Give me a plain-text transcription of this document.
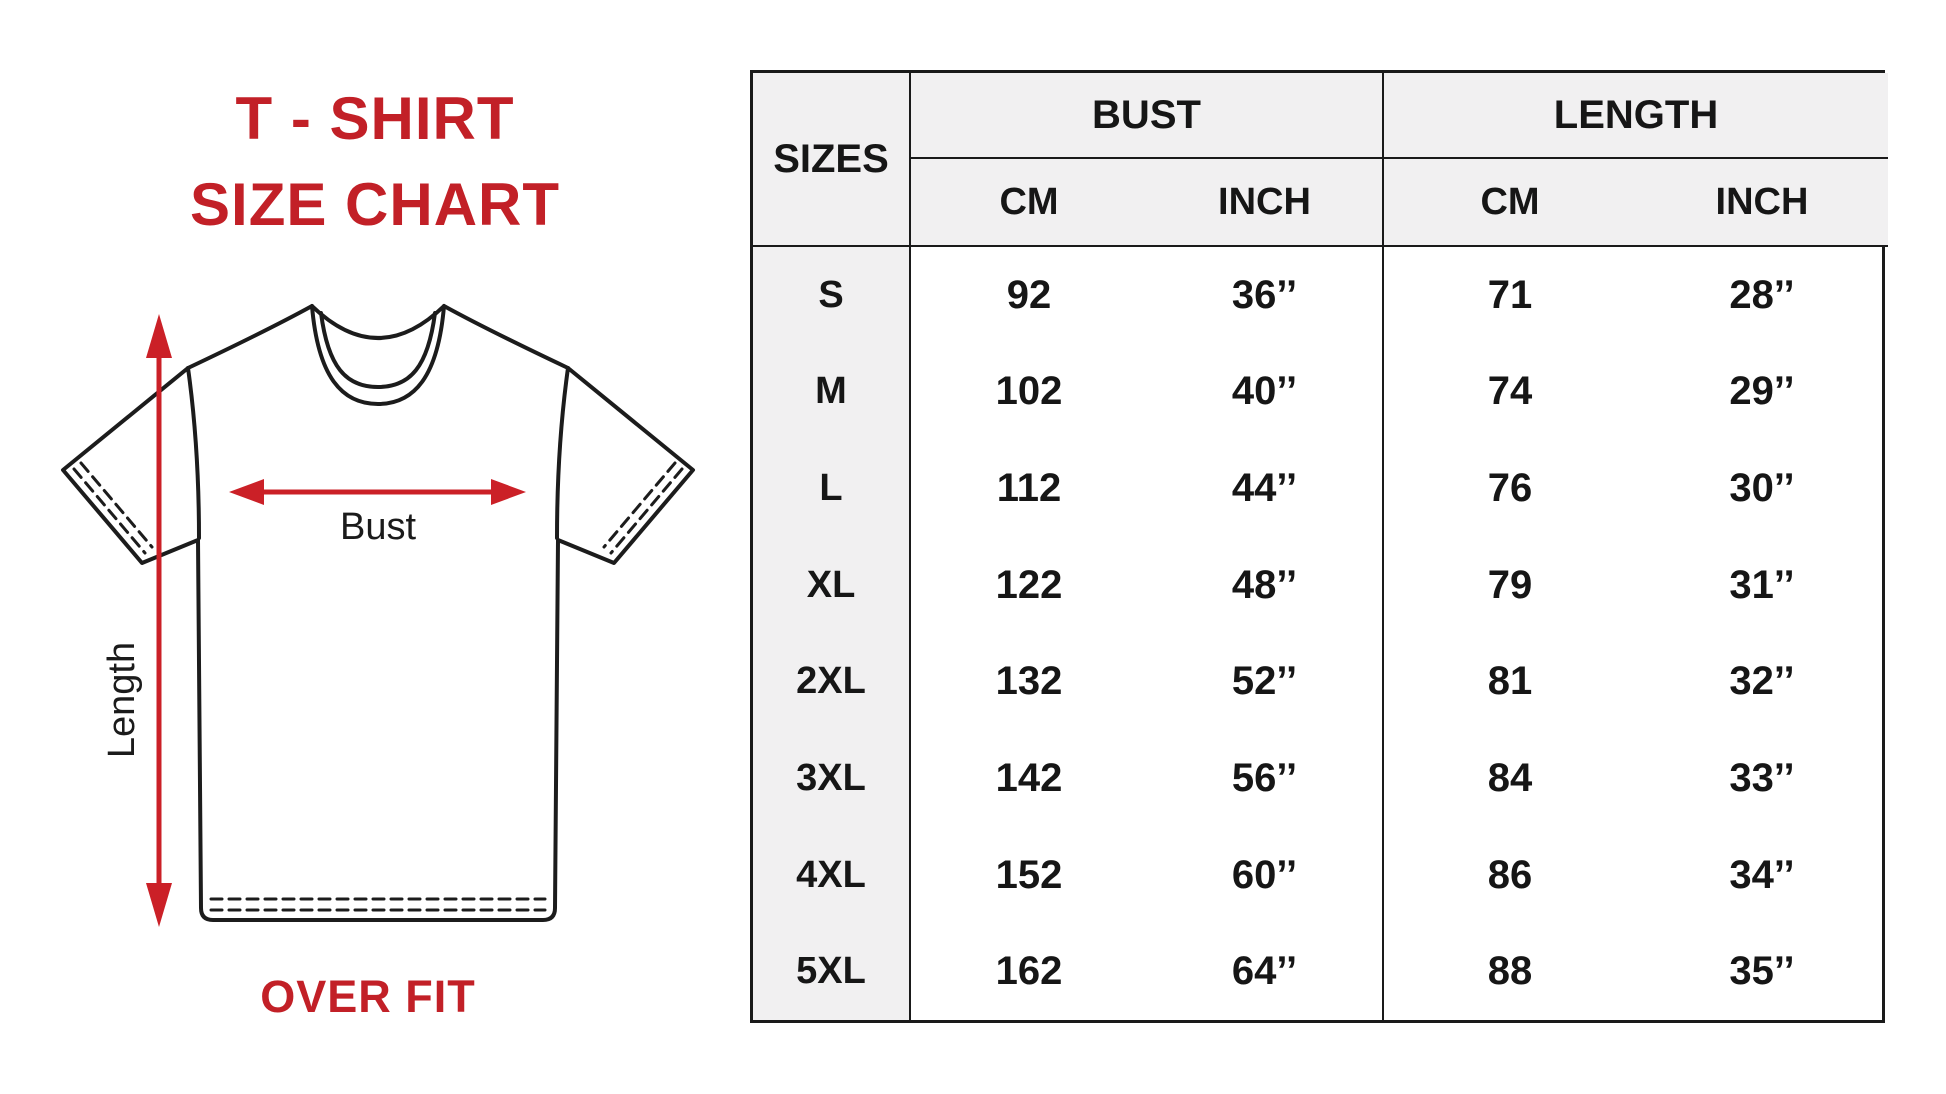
T - SHIRT
SIZE CHART
Bust
Length
OVER FIT
SIZES
BUST	LENGTH
CM	INCH	CM	INCH
S	92	36’’	71	28’’
M	102	40’’	74	29’’
L	112	44’’	76	30’’
XL	122	48’’	79	31’’
2XL	132	52’’	81	32’’
3XL	142	56’’	84	33’’
4XL	152	60’’	86	34’’
5XL	162	64’’	88	35’’
